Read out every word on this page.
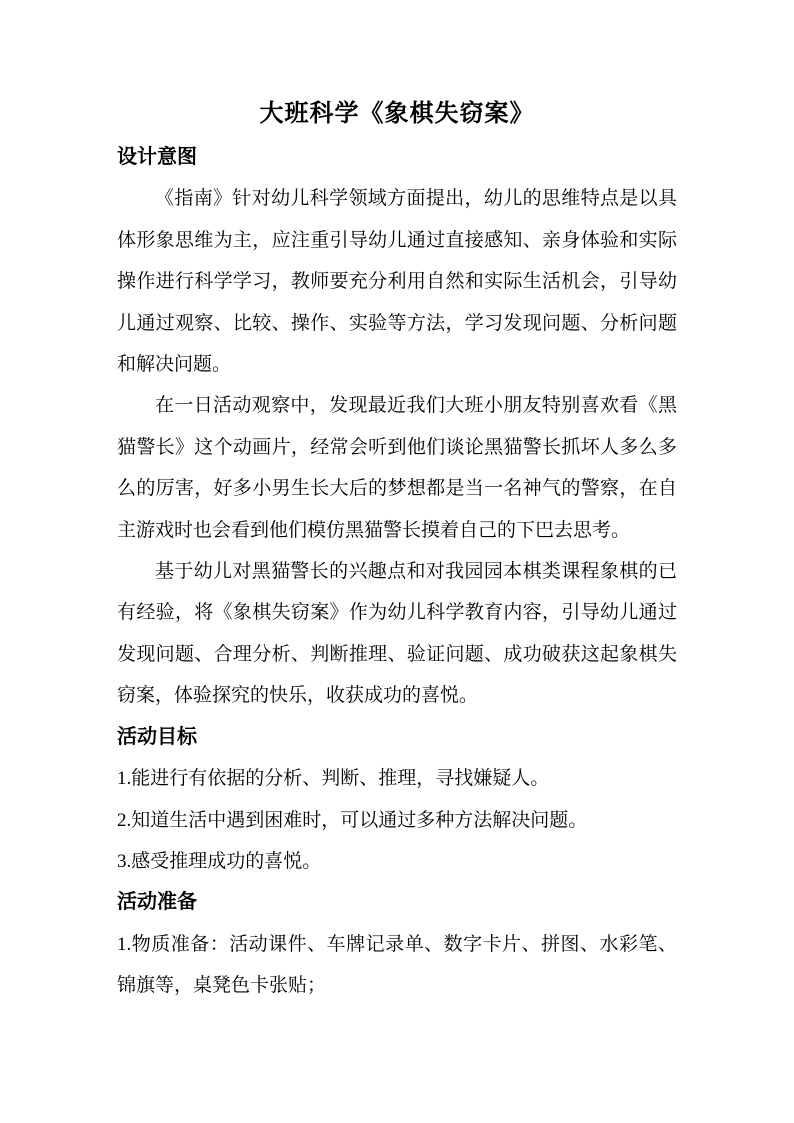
大班科学《象棋失窃案》
设计意图

《指南》针对幼儿科学领域方面提出，幼儿的思维特点是以具体形象思维为主，应注重引导幼儿通过直接感知、亲身体验和实际操作进行科学学习，教师要充分利用自然和实际生活机会，引导幼儿通过观察、比较、操作、实验等方法，学习发现问题、分析问题和解决问题。

在一日活动观察中，发现最近我们大班小朋友特别喜欢看《黑猫警长》这个动画片，经常会听到他们谈论黑猫警长抓坏人多么多么的厉害，好多小男生长大后的梦想都是当一名神气的警察，在自主游戏时也会看到他们模仿黑猫警长摸着自己的下巴去思考。

基于幼儿对黑猫警长的兴趣点和对我园园本棋类课程象棋的已有经验，将《象棋失窃案》作为幼儿科学教育内容，引导幼儿通过发现问题、合理分析、判断推理、验证问题、成功破获这起象棋失窃案，体验探究的快乐，收获成功的喜悦。

活动目标

1.能进行有依据的分析、判断、推理，寻找嫌疑人。

2.知道生活中遇到困难时，可以通过多种方法解决问题。

3.感受推理成功的喜悦。

活动准备

1.物质准备：活动课件、车牌记录单、数字卡片、拼图、水彩笔、锦旗等，桌凳色卡张贴；
